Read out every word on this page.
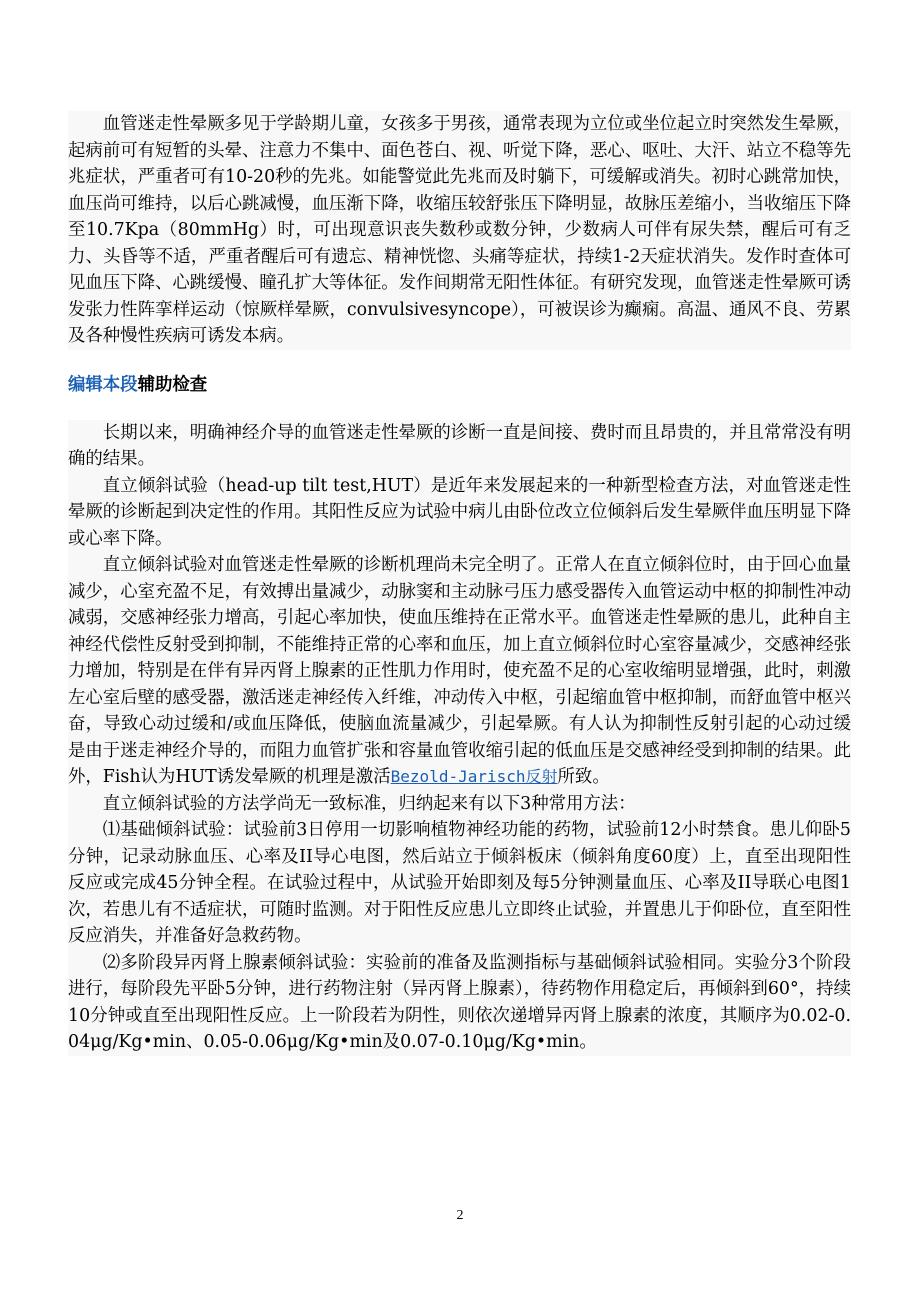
血管迷走性晕厥多见于学龄期儿童，女孩多于男孩，通常表现为立位或坐位起立时突然发生晕厥，起病前可有短暂的头晕、注意力不集中、面色苍白、视、听觉下降，恶心、呕吐、大汗、站立不稳等先兆症状，严重者可有10-20秒的先兆。如能警觉此先兆而及时躺下，可缓解或消失。初时心跳常加快，血压尚可维持，以后心跳减慢，血压渐下降，收缩压较舒张压下降明显，故脉压差缩小，当收缩压下降至10.7Kpa（80mmHg）时，可出现意识丧失数秒或数分钟，少数病人可伴有尿失禁，醒后可有乏力、头昏等不适，严重者醒后可有遗忘、精神恍惚、头痛等症状，持续1-2天症状消失。发作时查体可见血压下降、心跳缓慢、瞳孔扩大等体征。发作间期常无阳性体征。有研究发现，血管迷走性晕厥可诱发张力性阵挛样运动（惊厥样晕厥，convulsivesyncope），可被误诊为癫痫。高温、通风不良、劳累及各种慢性疾病可诱发本病。

编辑本段辅助检查

长期以来，明确神经介导的血管迷走性晕厥的诊断一直是间接、费时而且昂贵的，并且常常没有明确的结果。

直立倾斜试验（head-up tilt test,HUT）是近年来发展起来的一种新型检查方法，对血管迷走性晕厥的诊断起到决定性的作用。其阳性反应为试验中病儿由卧位改立位倾斜后发生晕厥伴血压明显下降或心率下降。

直立倾斜试验对血管迷走性晕厥的诊断机理尚未完全明了。正常人在直立倾斜位时，由于回心血量减少，心室充盈不足，有效搏出量减少，动脉窦和主动脉弓压力感受器传入血管运动中枢的抑制性冲动减弱，交感神经张力增高，引起心率加快，使血压维持在正常水平。血管迷走性晕厥的患儿，此种自主神经代偿性反射受到抑制，不能维持正常的心率和血压，加上直立倾斜位时心室容量减少，交感神经张力增加，特别是在伴有异丙肾上腺素的正性肌力作用时，使充盈不足的心室收缩明显增强，此时，刺激左心室后壁的感受器，激活迷走神经传入纤维，冲动传入中枢，引起缩血管中枢抑制，而舒血管中枢兴奋，导致心动过缓和/或血压降低，使脑血流量减少，引起晕厥。有人认为抑制性反射引起的心动过缓是由于迷走神经介导的，而阻力血管扩张和容量血管收缩引起的低血压是交感神经受到抑制的结果。此外，Fish认为HUT诱发晕厥的机理是激活Bezold-Jarisch反射所致。

直立倾斜试验的方法学尚无一致标准，归纳起来有以下3种常用方法：

⑴基础倾斜试验：试验前3日停用一切影响植物神经功能的药物，试验前12小时禁食。患儿仰卧5分钟，记录动脉血压、心率及II导心电图，然后站立于倾斜板床（倾斜角度60度）上，直至出现阳性反应或完成45分钟全程。在试验过程中，从试验开始即刻及每5分钟测量血压、心率及II导联心电图1次，若患儿有不适症状，可随时监测。对于阳性反应患儿立即终止试验，并置患儿于仰卧位，直至阳性反应消失，并准备好急救药物。

⑵多阶段异丙肾上腺素倾斜试验：实验前的准备及监测指标与基础倾斜试验相同。实验分3个阶段进行，每阶段先平卧5分钟，进行药物注射（异丙肾上腺素），待药物作用稳定后，再倾斜到60°，持续10分钟或直至出现阳性反应。上一阶段若为阴性，则依次递增异丙肾上腺素的浓度，其顺序为0.02-0.04μg/Kg•min、0.05-0.06μg/Kg•min及0.07-0.10μg/Kg•min。

2
